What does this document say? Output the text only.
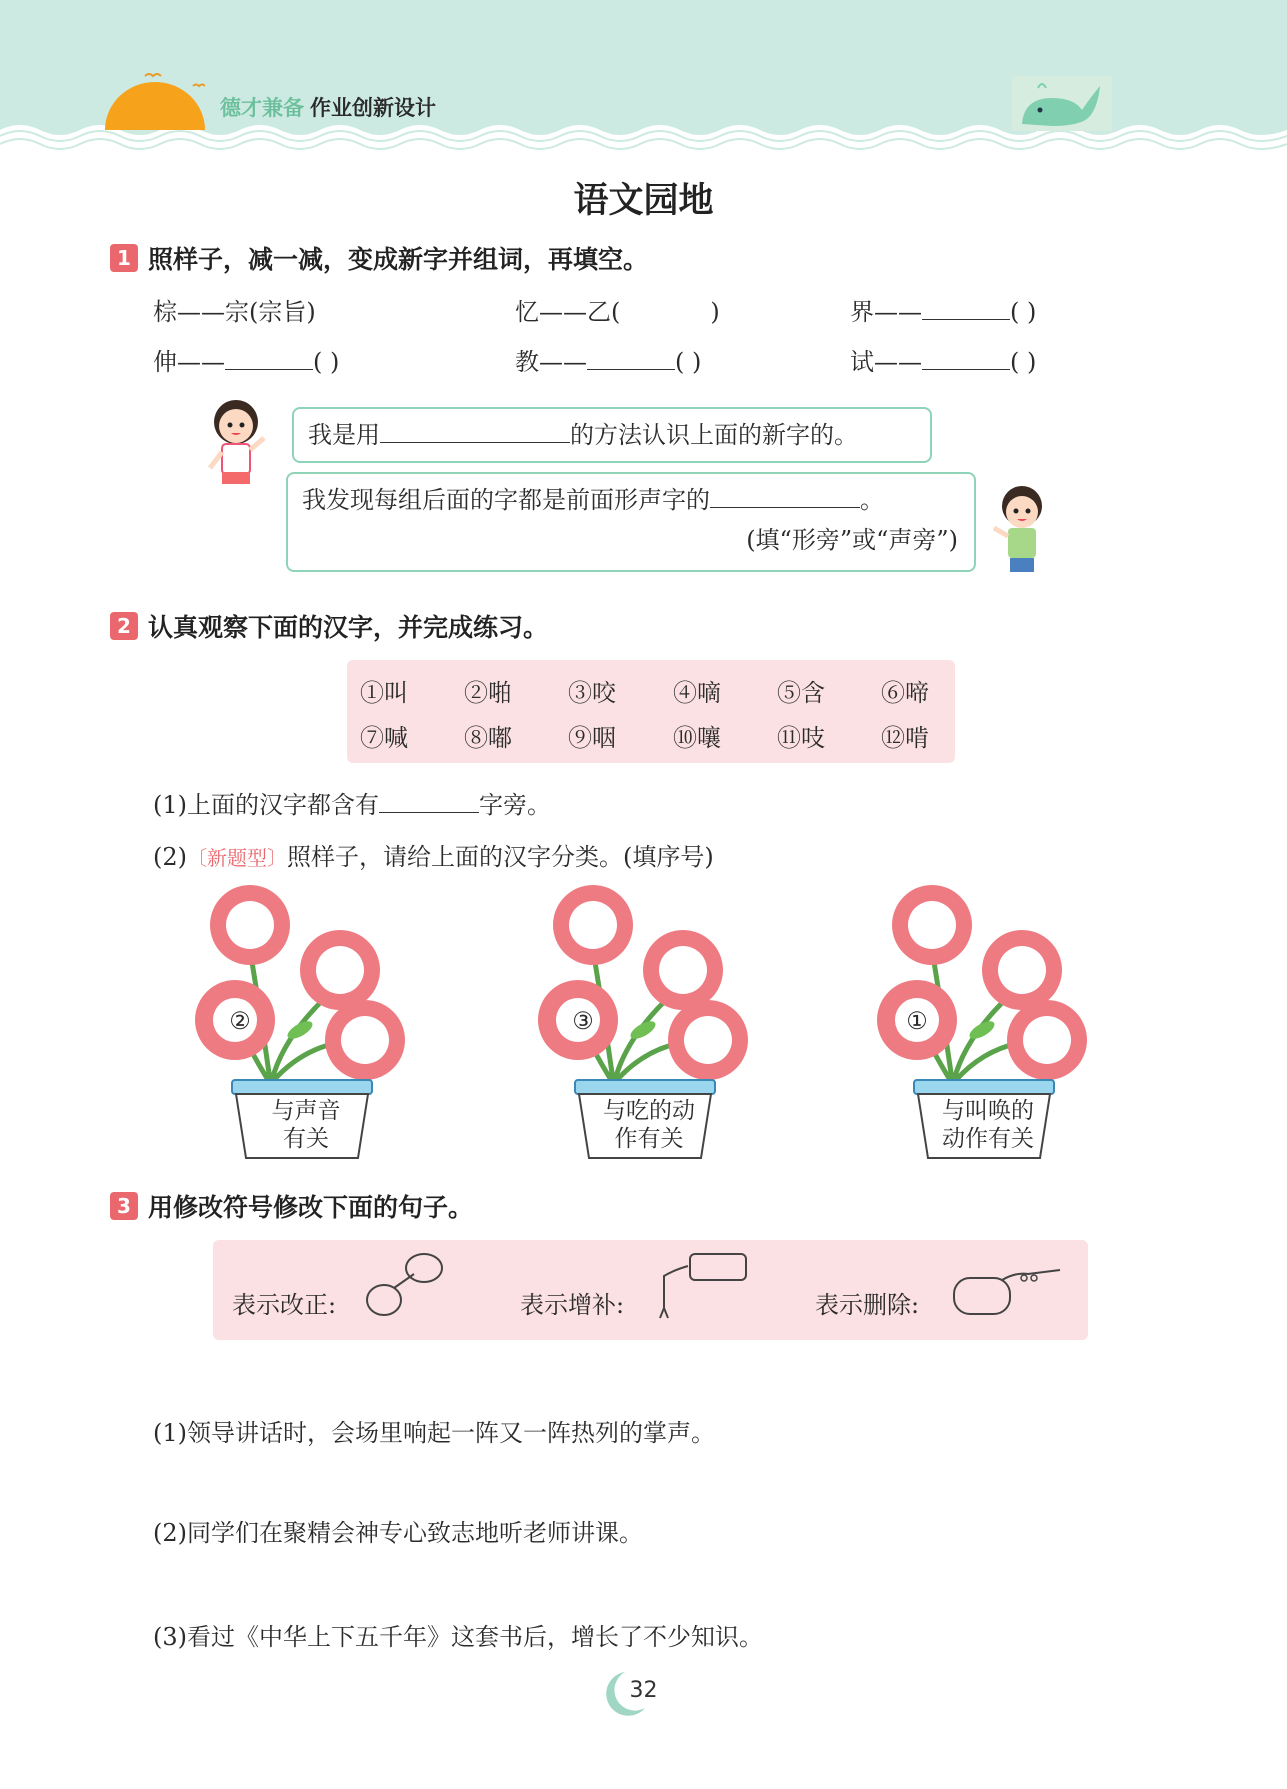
德才兼备 作业创新设计
语文园地
1 照样子，减一减，变成新字并组词，再填空。
棕——宗(宗旨)	忆——乙(	)	界——	( )
伸——	( )	教——	( )	试——	( )
我是用	的方法认识上面的新字的。
我发现每组后面的字都是前面形声字的	。
(填“形旁”或“声旁”)
2 认真观察下面的汉字，并完成练习。
①叫 ②啪 ③咬 ④嘀 ⑤含 ⑥啼
⑦喊 ⑧嘟 ⑨咽 ⑩嚷 ⑪吱 ⑫啃
(1)上面的汉字都含有	字旁。
(2)〔新题型〕照样子，请给上面的汉字分类。(填序号)
②
与声音
有关
③
与吃的动
作有关
①
与叫唤的
动作有关
3 用修改符号修改下面的句子。
表示改正:	表示增补:	表示删除:
(1)领导讲话时，会场里响起一阵又一阵热列的掌声。
(2)同学们在聚精会神专心致志地听老师讲课。
(3)看过《中华上下五千年》这套书后，增长了不少知识。
32
